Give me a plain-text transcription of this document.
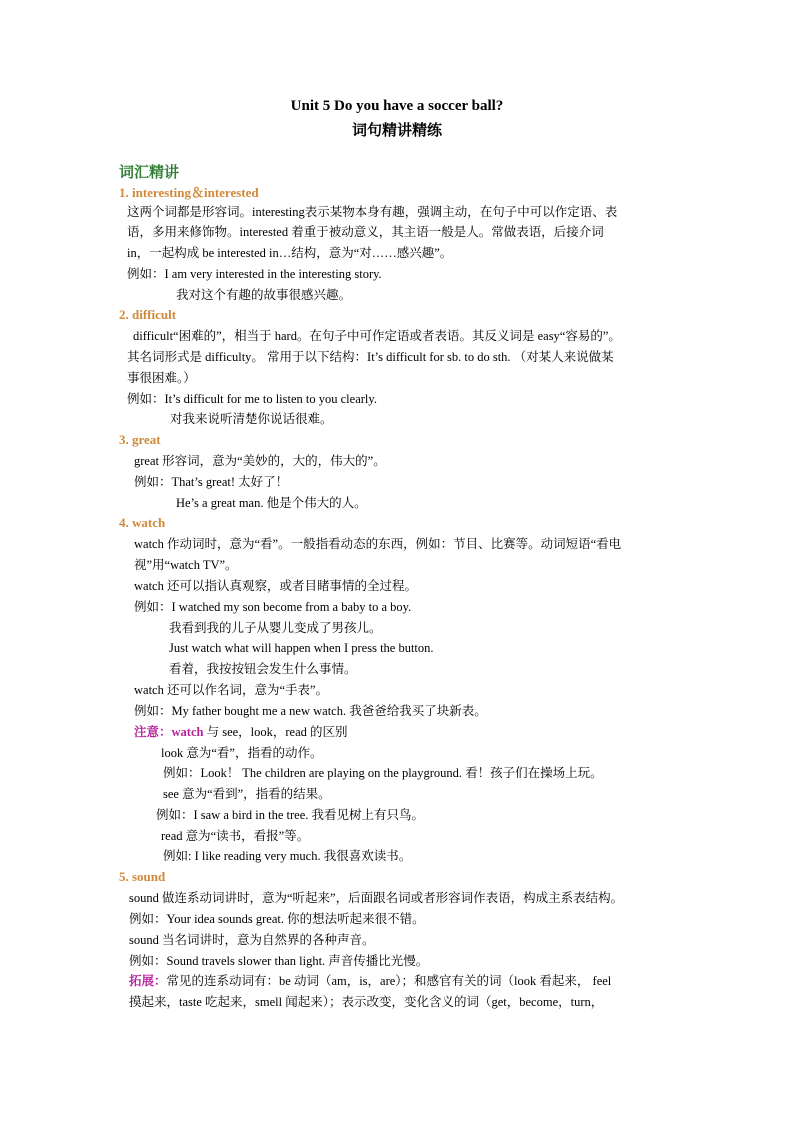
Unit 5 Do you have a soccer ball?
词句精讲精练
词汇精讲
1. interesting＆interested
这两个词都是形容词。interesting表示某物本身有趣，强调主动，在句子中可以作定语、表
语，多用来修饰物。interested 着重于被动意义，其主语一般是人。常做表语，后接介词
in，一起构成 be interested in…结构，意为“对……感兴趣”。
例如：I am very interested in the interesting story.
我对这个有趣的故事很感兴趣。
2. difficult
difficult“困难的”，相当于 hard。在句子中可作定语或者表语。其反义词是 easy“容易的”。
其名词形式是 difficulty。 常用于以下结构：It’s difficult for sb. to do sth. （对某人来说做某
事很困难。）
例如：It’s difficult for me to listen to you clearly.
对我来说听清楚你说话很难。
3. great
great 形容词，意为“美妙的，大的，伟大的”。
例如：That’s great! 太好了！
He’s a great man. 他是个伟大的人。
4. watch
watch 作动词时，意为“看”。一般指看动态的东西，例如：节目、比赛等。动词短语“看电
视”用“watch TV”。
watch 还可以指认真观察，或者目睹事情的全过程。
例如：I watched my son become from a baby to a boy.
我看到我的儿子从婴儿变成了男孩儿。
Just watch what will happen when I press the button.
看着，我按按钮会发生什么事情。
watch 还可以作名词，意为“手表”。
例如：My father bought me a new watch. 我爸爸给我买了块新表。
注意：watch 与 see，look，read 的区别
look 意为“看”，指看的动作。
例如：Look！ The children are playing on the playground. 看！孩子们在操场上玩。
see 意为“看到”，指看的结果。
例如：I saw a bird in the tree. 我看见树上有只鸟。
read 意为“读书，看报”等。
例如: I like reading very much. 我很喜欢读书。
5. sound
sound 做连系动词讲时，意为“听起来”，后面跟名词或者形容词作表语，构成主系表结构。
例如：Your idea sounds great. 你的想法听起来很不错。
sound 当名词讲时，意为自然界的各种声音。
例如：Sound travels slower than light. 声音传播比光慢。
拓展：常见的连系动词有：be 动词（am，is，are）；和感官有关的词（look 看起来， feel
摸起来，taste 吃起来，smell 闻起来）；表示改变，变化含义的词（get，become，turn，
